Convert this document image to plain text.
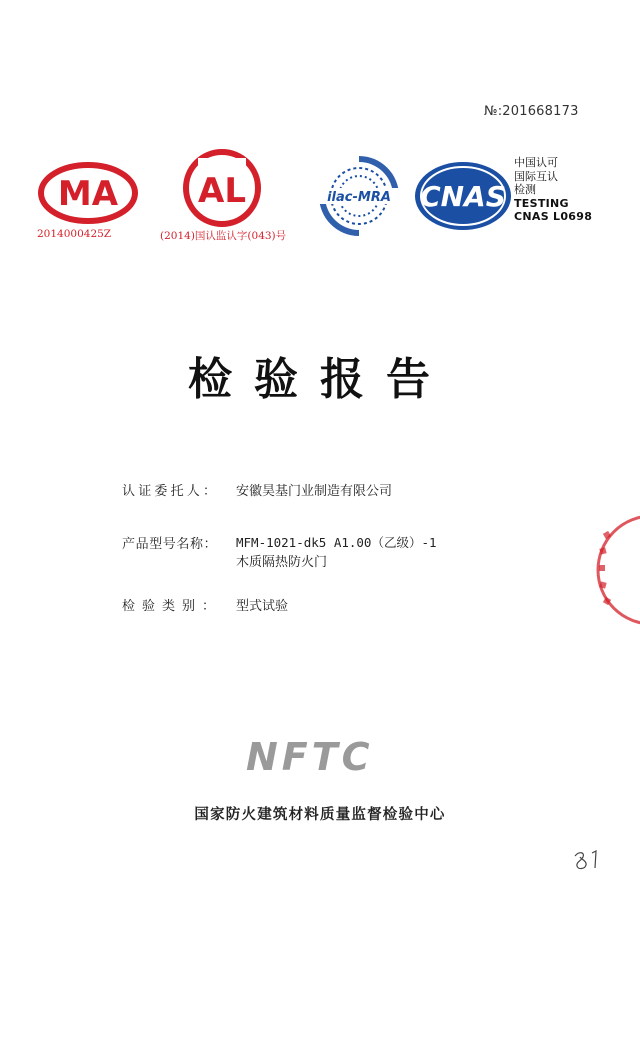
№:201668173
MA
2014000425Z
AL
(2014)国认监认字(043)号
ilac-MRA CNAS
中国认可
国际互认
检测
TESTING
CNAS L0698
检验报告
认证委托人： 安徽昊基门业制造有限公司
产品型号名称： MFM-1021-dk5 A1.00（乙级）-1
木质隔热防火门
检验类别： 型式试验
NFTC
国家防火建筑材料质量监督检验中心
